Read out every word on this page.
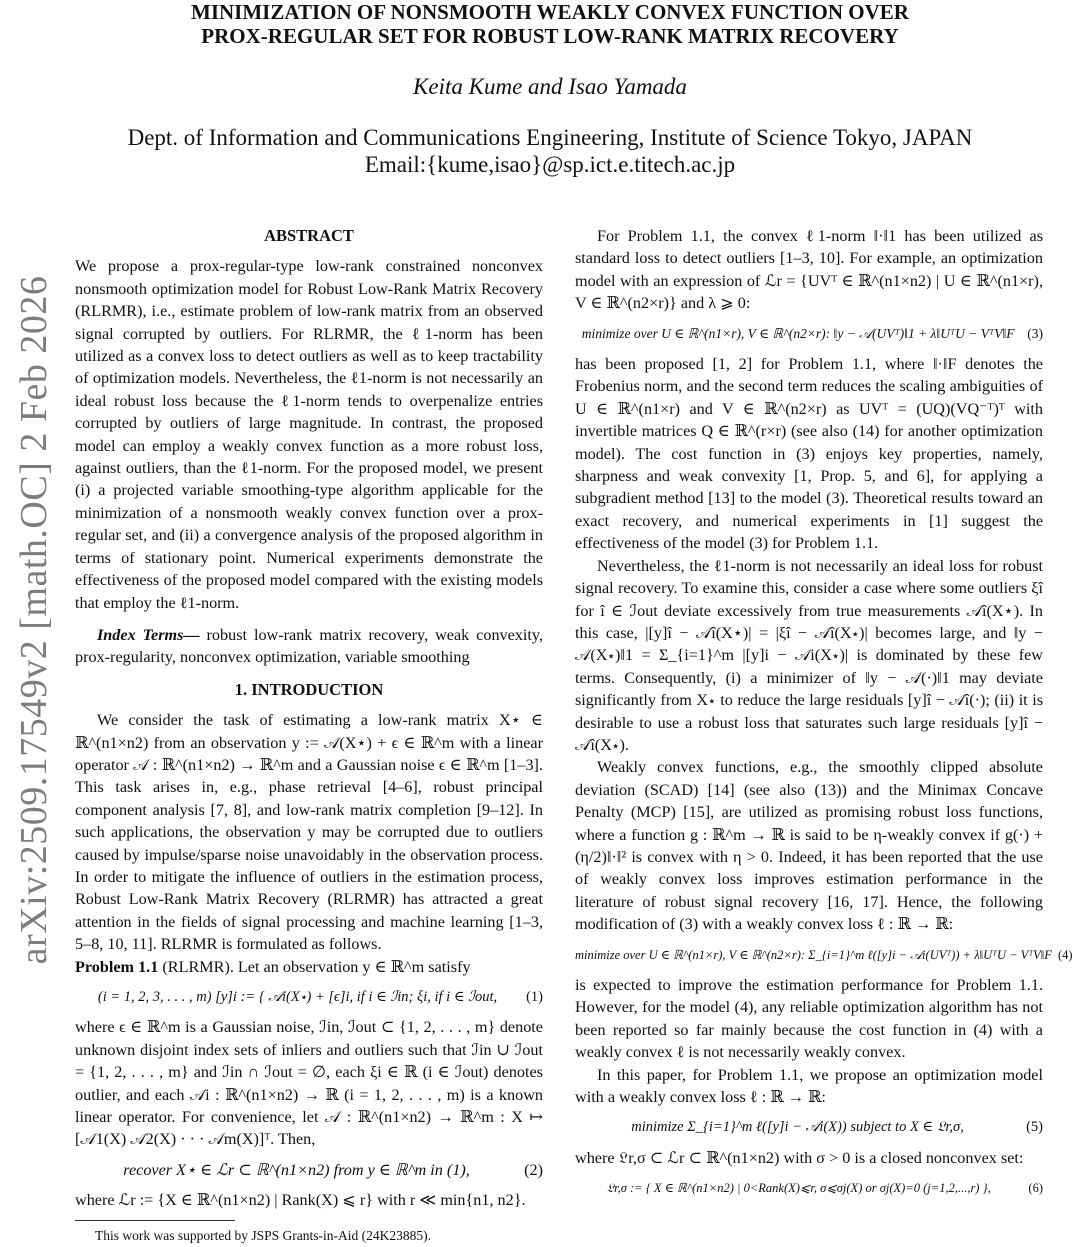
arXiv:2509.17549v2 [math.OC] 2 Feb 2026
MINIMIZATION OF NONSMOOTH WEAKLY CONVEX FUNCTION OVER
PROX-REGULAR SET FOR ROBUST LOW-RANK MATRIX RECOVERY
Keita Kume and Isao Yamada
Dept. of Information and Communications Engineering, Institute of Science Tokyo, JAPAN
Email:{kume,isao}@sp.ict.e.titech.ac.jp
ABSTRACT

We propose a prox-regular-type low-rank constrained nonconvex nonsmooth optimization model for Robust Low-Rank Matrix Recovery (RLRMR), i.e., estimate problem of low-rank matrix from an observed signal corrupted by outliers. For RLRMR, the ℓ1-norm has been utilized as a convex loss to detect outliers as well as to keep tractability of optimization models. Nevertheless, the ℓ1-norm is not necessarily an ideal robust loss because the ℓ1-norm tends to overpenalize entries corrupted by outliers of large magnitude. In contrast, the proposed model can employ a weakly convex function as a more robust loss, against outliers, than the ℓ1-norm. For the proposed model, we present (i) a projected variable smoothing-type algorithm applicable for the minimization of a nonsmooth weakly convex function over a prox-regular set, and (ii) a convergence analysis of the proposed algorithm in terms of stationary point. Numerical experiments demonstrate the effectiveness of the proposed model compared with the existing models that employ the ℓ1-norm.

Index Terms— robust low-rank matrix recovery, weak convexity, prox-regularity, nonconvex optimization, variable smoothing

1. INTRODUCTION

We consider the task of estimating a low-rank matrix X⋆ ∈ ℝ^(n1×n2) from an observation y := 𝒜(X⋆) + ϵ ∈ ℝ^m with a linear operator 𝒜 : ℝ^(n1×n2) → ℝ^m and a Gaussian noise ϵ ∈ ℝ^m [1–3]. This task arises in, e.g., phase retrieval [4–6], robust principal component analysis [7, 8], and low-rank matrix completion [9–12]. In such applications, the observation y may be corrupted due to outliers caused by impulse/sparse noise unavoidably in the observation process. In order to mitigate the influence of outliers in the estimation process, Robust Low-Rank Matrix Recovery (RLRMR) has attracted a great attention in the fields of signal processing and machine learning [1–3, 5–8, 10, 11]. RLRMR is formulated as follows.

Problem 1.1 (RLRMR). Let an observation y ∈ ℝ^m satisfy

(i = 1, 2, 3, . . . , m) [y]i := { 𝒜i(X⋆) + [ϵ]i, if i ∈ ℐin; ξi, if i ∈ ℐout,	(1)

where ϵ ∈ ℝ^m is a Gaussian noise, ℐin, ℐout ⊂ {1, 2, . . . , m} denote unknown disjoint index sets of inliers and outliers such that ℐin ∪ ℐout = {1, 2, . . . , m} and ℐin ∩ ℐout = ∅, each ξi ∈ ℝ (i ∈ ℐout) denotes outlier, and each 𝒜i : ℝ^(n1×n2) → ℝ (i = 1, 2, . . . , m) is a known linear operator. For convenience, let 𝒜 : ℝ^(n1×n2) → ℝ^m : X ↦ [𝒜1(X) 𝒜2(X) · · · 𝒜m(X)]ᵀ. Then,

recover X⋆ ∈ ℒr ⊂ ℝ^(n1×n2) from y ∈ ℝ^m in (1),	(2)

where ℒr := {X ∈ ℝ^(n1×n2) | Rank(X) ⩽ r} with r ≪ min{n1, n2}.

This work was supported by JSPS Grants-in-Aid (24K23885).

For Problem 1.1, the convex ℓ1-norm ‖·‖1 has been utilized as standard loss to detect outliers [1–3, 10]. For example, an optimization model with an expression of ℒr = {UVᵀ ∈ ℝ^(n1×n2) | U ∈ ℝ^(n1×r), V ∈ ℝ^(n2×r)} and λ ⩾ 0:

minimize over U ∈ ℝ^(n1×r), V ∈ ℝ^(n2×r): ‖y − 𝒜(UVᵀ)‖1 + λ‖UᵀU − VᵀV‖F (3)

has been proposed [1, 2] for Problem 1.1, where ‖·‖F denotes the Frobenius norm, and the second term reduces the scaling ambiguities of U ∈ ℝ^(n1×r) and V ∈ ℝ^(n2×r) as UVᵀ = (UQ)(VQ⁻ᵀ)ᵀ with invertible matrices Q ∈ ℝ^(r×r) (see also (14) for another optimization model). The cost function in (3) enjoys key properties, namely, sharpness and weak convexity [1, Prop. 5, and 6], for applying a subgradient method [13] to the model (3). Theoretical results toward an exact recovery, and numerical experiments in [1] suggest the effectiveness of the model (3) for Problem 1.1.

Nevertheless, the ℓ1-norm is not necessarily an ideal loss for robust signal recovery. To examine this, consider a case where some outliers ξî for î ∈ ℐout deviate excessively from true measurements 𝒜î(X⋆). In this case, |[y]î − 𝒜î(X⋆)| = |ξî − 𝒜î(X⋆)| becomes large, and ‖y − 𝒜(X⋆)‖1 = Σ_{i=1}^m |[y]i − 𝒜i(X⋆)| is dominated by these few terms. Consequently, (i) a minimizer of ‖y − 𝒜(·)‖1 may deviate significantly from X⋆ to reduce the large residuals [y]î − 𝒜î(·); (ii) it is desirable to use a robust loss that saturates such large residuals [y]î − 𝒜î(X⋆).

Weakly convex functions, e.g., the smoothly clipped absolute deviation (SCAD) [14] (see also (13)) and the Minimax Concave Penalty (MCP) [15], are utilized as promising robust loss functions, where a function g : ℝ^m → ℝ is said to be η-weakly convex if g(·) + (η/2)‖·‖² is convex with η > 0. Indeed, it has been reported that the use of weakly convex loss improves estimation performance in the literature of robust signal recovery [16, 17]. Hence, the following modification of (3) with a weakly convex loss ℓ : ℝ → ℝ:

minimize over U ∈ ℝ^(n1×r), V ∈ ℝ^(n2×r): Σ_{i=1}^m ℓ([y]i − 𝒜i(UVᵀ)) + λ‖UᵀU − VᵀV‖F (4)

is expected to improve the estimation performance for Problem 1.1. However, for the model (4), any reliable optimization algorithm has not been reported so far mainly because the cost function in (4) with a weakly convex ℓ is not necessarily weakly convex.

In this paper, for Problem 1.1, we propose an optimization model with a weakly convex loss ℓ : ℝ → ℝ:

minimize Σ_{i=1}^m ℓ([y]i − 𝒜i(X)) subject to X ∈ 𝔏r,σ,	(5)

where 𝔏r,σ ⊂ ℒr ⊂ ℝ^(n1×n2) with σ > 0 is a closed nonconvex set:

𝔏r,σ := { X ∈ ℝ^(n1×n2) | 0<Rank(X)⩽r, σ⩽σj(X) or σj(X)=0 (j=1,2,...,r) },	(6)
